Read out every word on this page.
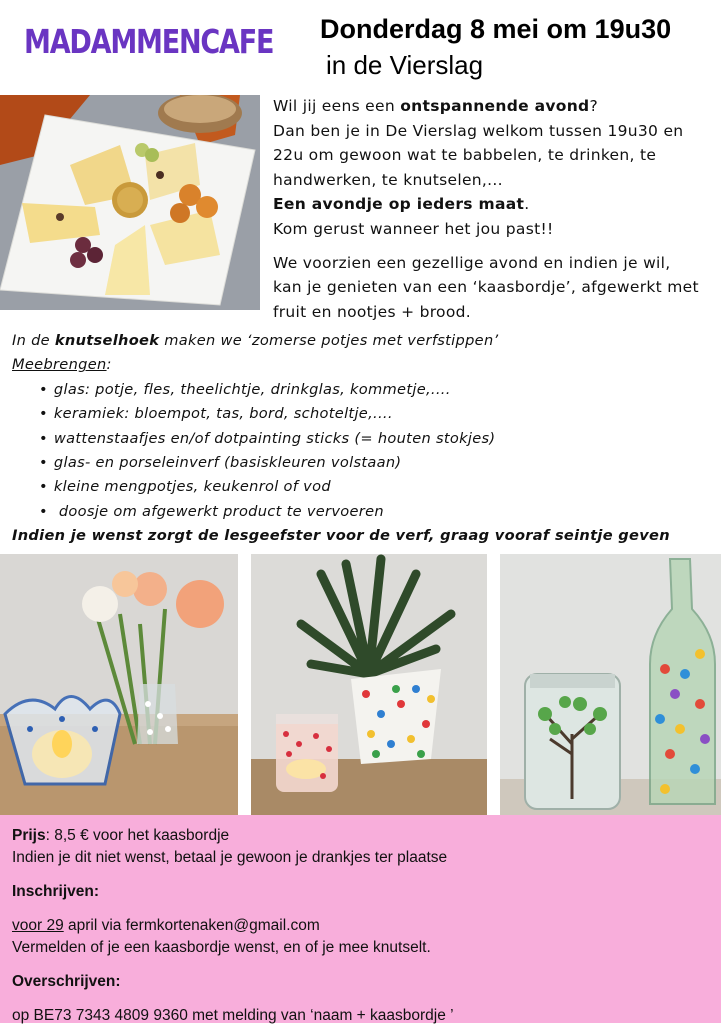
MADAMMENCAFE Donderdag 8 mei om 19u30
in de Vierslag

Wil jij eens een ontspannende avond?
Dan ben je in De Vierslag welkom tussen 19u30 en
22u om gewoon wat te babbelen, te drinken, te
handwerken, te knutselen,...
Een avondje op ieders maat.
Kom gerust wanneer het jou past!!

We voorzien een gezellige avond en indien je wil,
kan je genieten van een ‘kaasbordje’, afgewerkt met
fruit en nootjes + brood.

In de knutselhoek maken we ‘zomerse potjes met verfstippen’
Meebrengen:
• glas: potje, fles, theelichtje, drinkglas, kommetje,....
• keramiek: bloempot, tas, bord, schoteltje,....
• wattenstaafjes en/of dotpainting sticks (= houten stokjes)
• glas- en porseleinverf (basiskleuren volstaan)
• kleine mengpotjes, keukenrol of vod
• doosje om afgewerkt product te vervoeren
Indien je wenst zorgt de lesgeefster voor de verf, graag vooraf seintje geven

Prijs: 8,5 € voor het kaasbordje

Indien je dit niet wenst, betaal je gewoon je drankjes ter plaatse

Inschrijven:

voor 29 april via fermkortenaken@gmail.com

Vermelden of je een kaasbordje wenst, en of je mee knutselt.

Overschrijven:

op BE73 7343 4809 9360 met melding van ‘naam + kaasbordje ’
